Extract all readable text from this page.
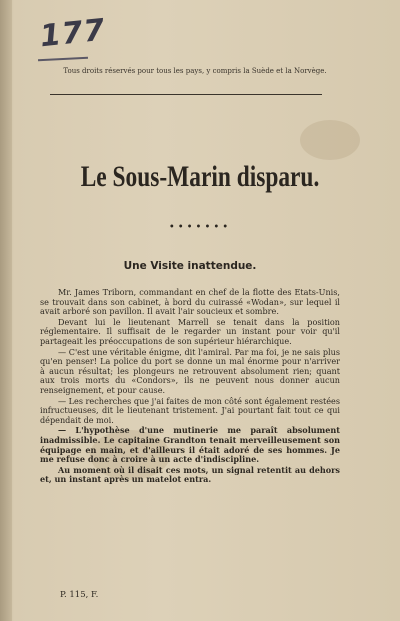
177
Tous droits réservés pour tous les pays, y compris la Suède et la Norvège.
Le Sous-Marin disparu.
•••••••
Une Visite inattendue.

Mr. James Triborn, commandant en chef de la flotte des Etats-Unis, se trouvait dans son cabinet, à bord du cuirassé «Wodan», sur lequel il avait arboré son pavillon. Il avait l'air soucieux et sombre.

Devant lui le lieutenant Marrell se tenait dans la position réglementaire. Il suffisait de le regarder un instant pour voir qu'il partageait les préoccupations de son supérieur hiérarchique.

— C'est une véritable énigme, dit l'amiral. Par ma foi, je ne sais plus qu'en penser! La police du port se donne un mal énorme pour n'arriver à aucun résultat; les plongeurs ne retrouvent absolument rien; quant aux trois morts du «Condors», ils ne peuvent nous donner aucun renseignement, et pour cause.

— Les recherches que j'ai faites de mon côté sont également restées infructueuses, dit le lieutenant tristement. J'ai pourtant fait tout ce qui dépendait de moi.

— L'hypothèse d'une mutinerie me paraît absolument inadmissible. Le capitaine Grandton tenait merveilleusement son équipage en main, et d'ailleurs il était adoré de ses hommes. Je me refuse donc à croire à un acte d'indiscipline.

Au moment où il disait ces mots, un signal retentit au dehors et, un instant après un matelot entra.

P. 115, F.
